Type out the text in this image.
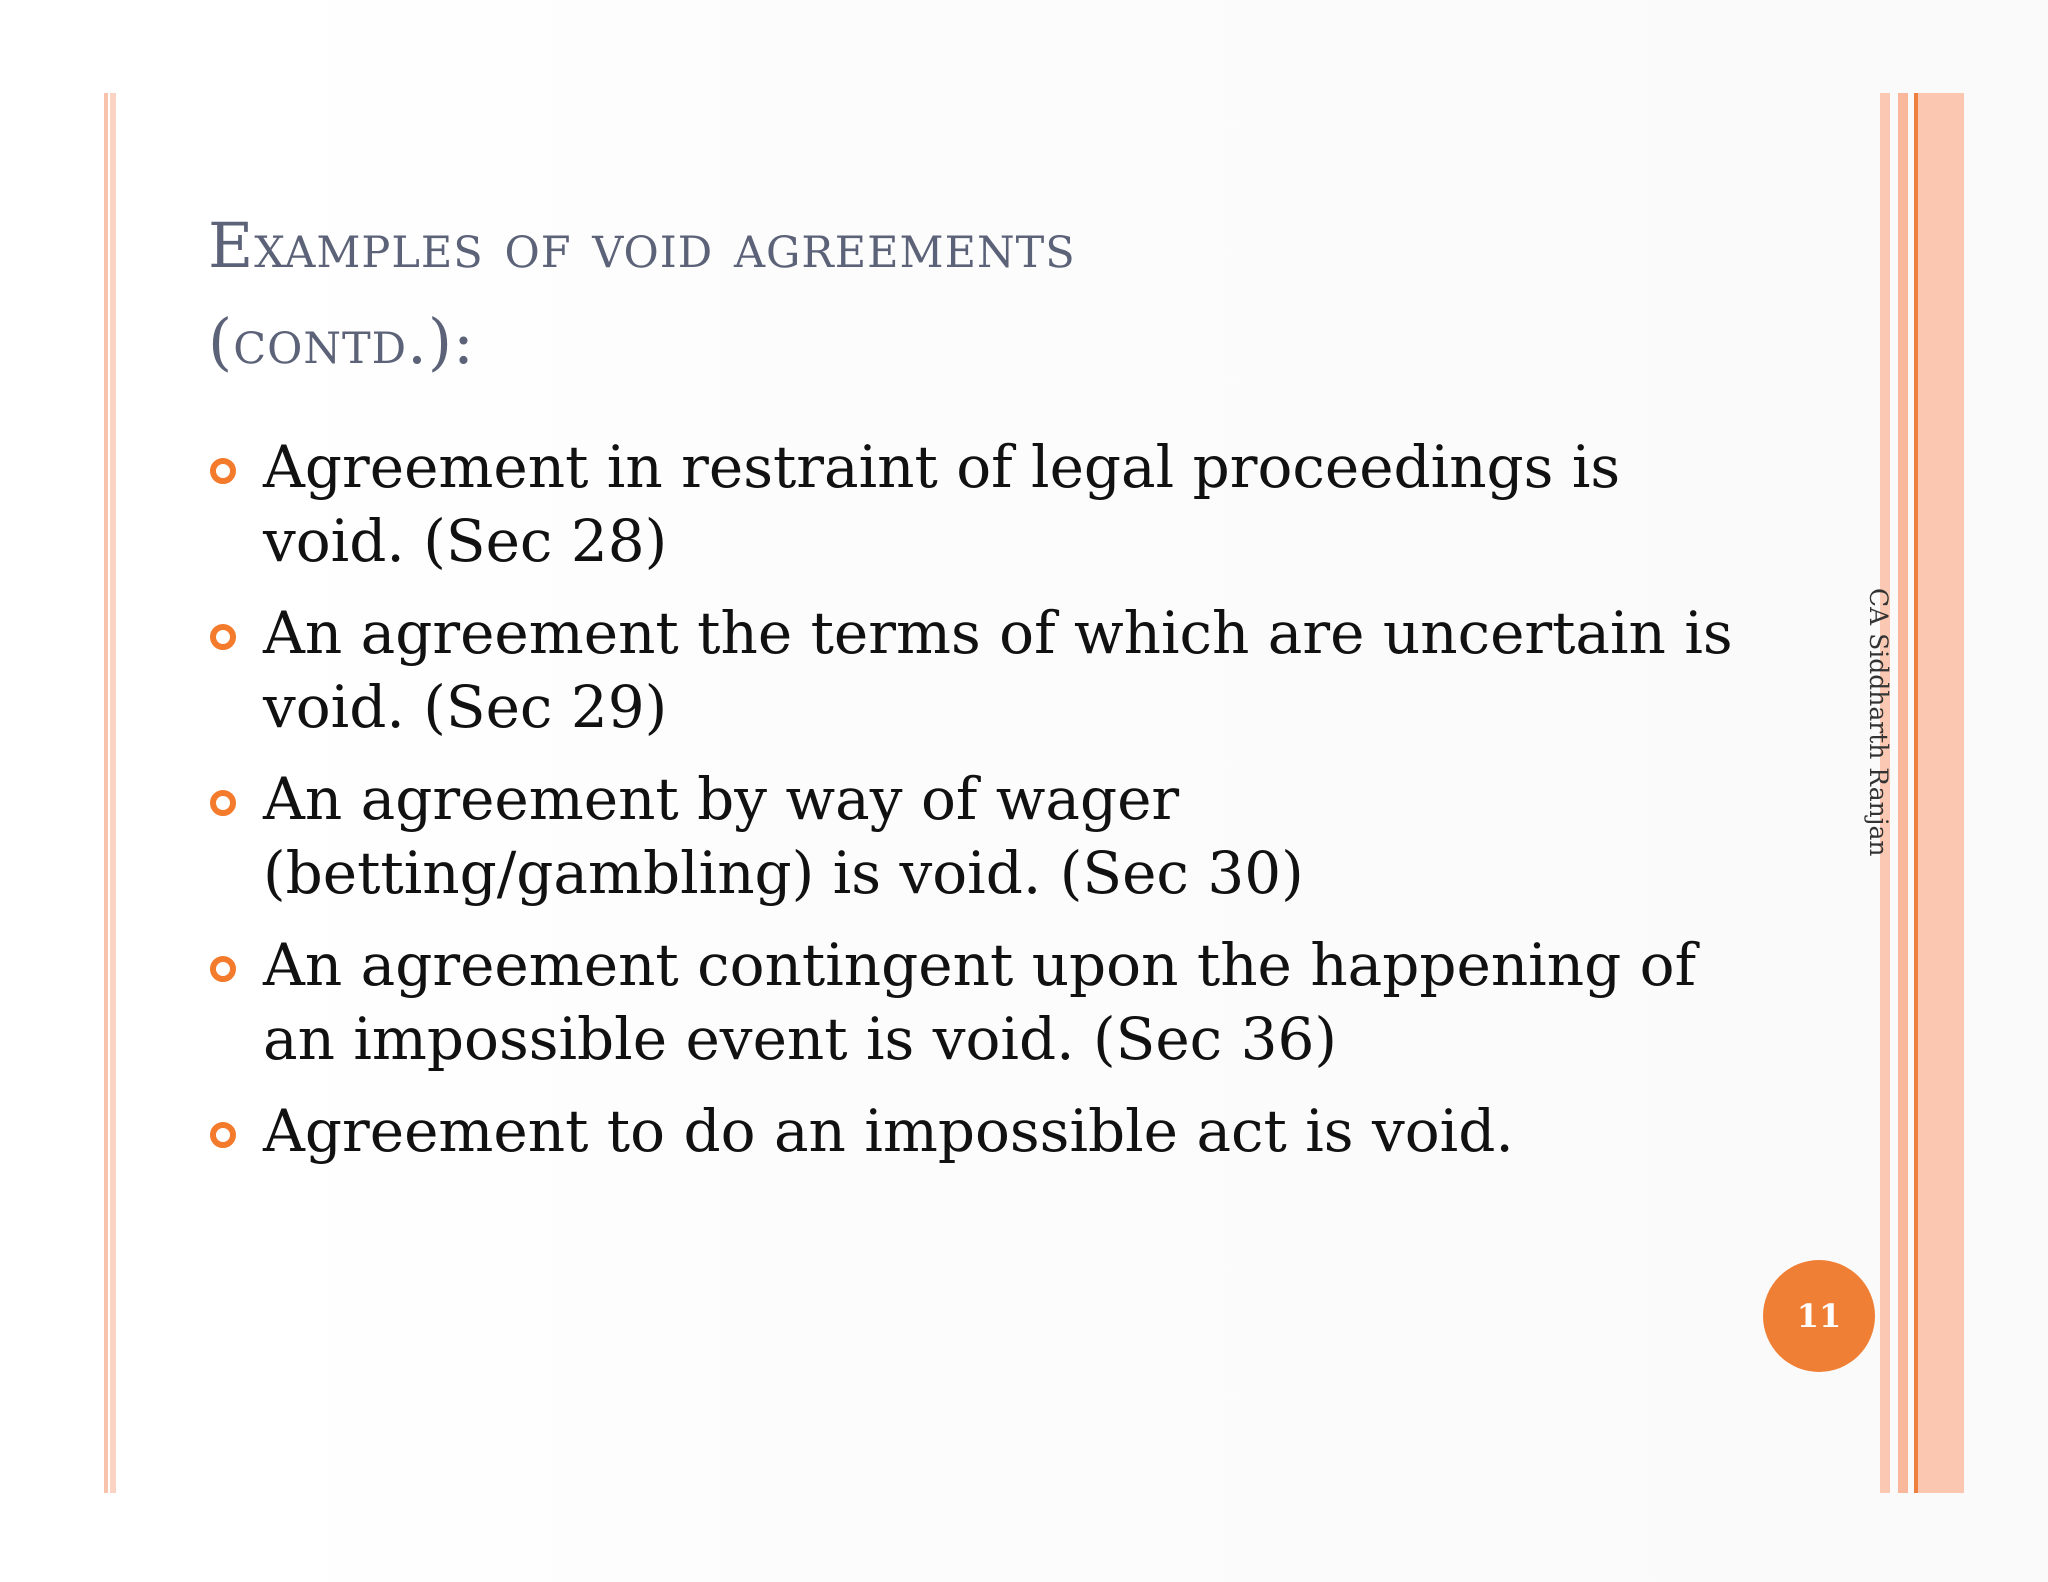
Examples of void agreements
(contd.):
Agreement in restraint of legal proceedings is void. (Sec 28)
An agreement the terms of which are uncertain is void. (Sec 29)
An agreement by way of wager (betting/gambling) is void. (Sec 30)
An agreement contingent upon the happening of an impossible event is void. (Sec 36)
Agreement to do an impossible act is void.
CA Siddharth Ranjan
11
